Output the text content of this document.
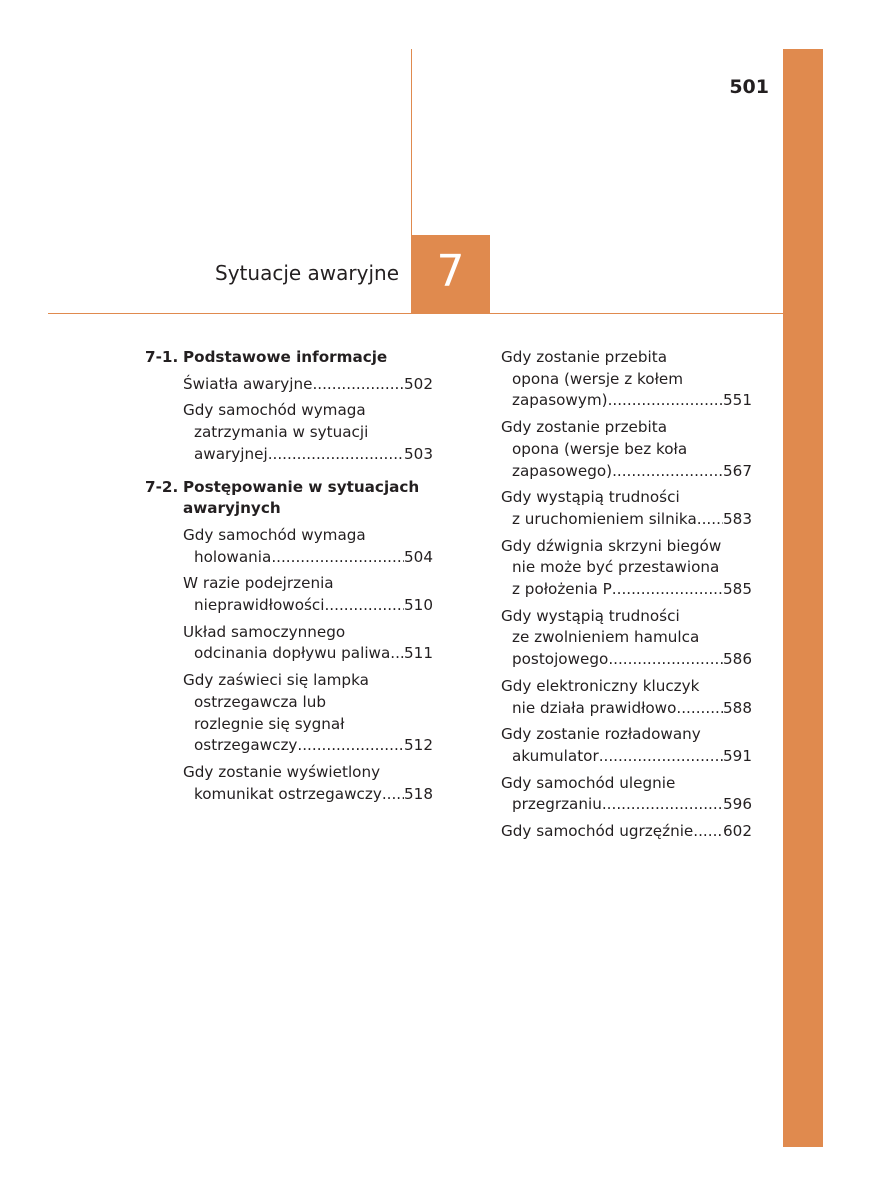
501
Sytuacje awaryjne 7
7-1. Podstawowe informacje
Światła awaryjne .....	502
Gdy samochód wymaga
zatrzymania w sytuacji
awaryjnej .....	503
7-2. Postępowanie w sytuacjach
awaryjnych
Gdy samochód wymaga
holowania .....	504
W razie podejrzenia
nieprawidłowości .....	510
Układ samoczynnego
odcinania dopływu paliwa ..... 511
Gdy zaświeci się lampka
ostrzegawcza lub
rozlegnie się sygnał
ostrzegawczy .....	512
Gdy zostanie wyświetlony
komunikat ostrzegawczy ..... 518
Gdy zostanie przebita
opona (wersje z kołem
zapasowym) .....	551
Gdy zostanie przebita
opona (wersje bez koła
zapasowego) .....	567
Gdy wystąpią trudności
z uruchomieniem silnika ..... 583
Gdy dźwignia skrzyni biegów
nie może być przestawiona
z położenia P .....	585
Gdy wystąpią trudności
ze zwolnieniem hamulca
postojowego .....	586
Gdy elektroniczny kluczyk
nie działa prawidłowo .....	588
Gdy zostanie rozładowany
akumulator .....	591
Gdy samochód ulegnie
przegrzaniu .....	596
Gdy samochód ugrzęźnie ..... 602
